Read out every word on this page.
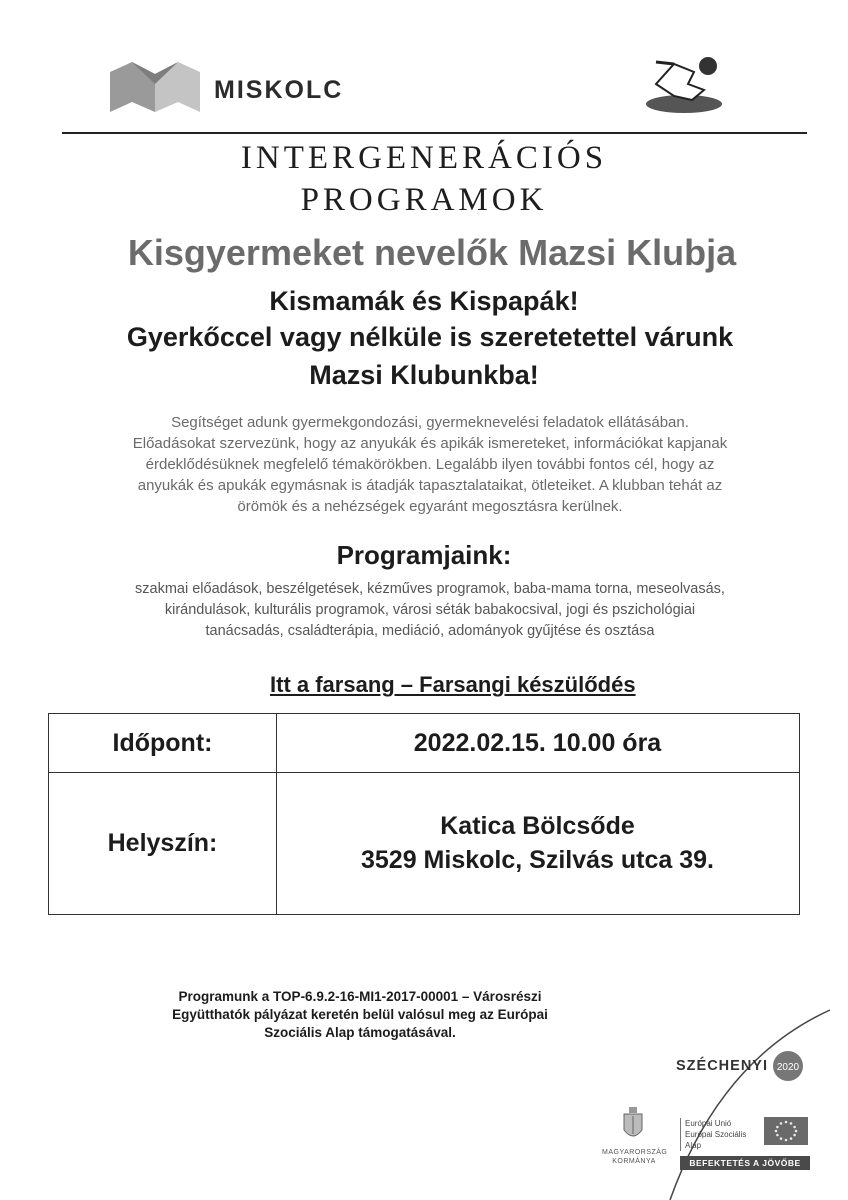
MISKOLC
INTERGENERÁCIÓS
PROGRAMOK
Kisgyermeket nevelők Mazsi Klubja
Kismamák és Kispapák!
Gyerkőccel vagy nélküle is szeretetettel várunk
Mazsi Klubunkba!
Segítséget adunk gyermekgondozási, gyermeknevelési feladatok ellátásában.
Előadásokat szervezünk, hogy az anyukák és apikák ismereteket, információkat kapjanak
érdeklődésüknek megfelelő témakörökben. Legalább ilyen további fontos cél, hogy az
anyukák és apukák egymásnak is átadják tapasztalataikat, ötleteiket. A klubban tehát az
örömök és a nehézségek egyaránt megosztásra kerülnek.
Programjaink:
szakmai előadások, beszélgetések, kézműves programok, baba-mama torna, meseolvasás,
kirándulások, kulturális programok, városi séták babakocsival, jogi és pszichológiai
tanácsadás, családterápia, mediáció, adományok gyűjtése és osztása
Itt a farsang – Farsangi készülődés
Időpont:	2022.02.15. 10.00 óra
Helyszín:
Katica Bölcsőde
3529 Miskolc, Szilvás utca 39.
Programunk a TOP-6.9.2-16-MI1-2017-00001 – Városrészi
Együtthatók pályázat keretén belül valósul meg az Európai
Szociális Alap támogatásával.
SZÉCHENYI 2020
MAGYARORSZÁG
KORMÁNYA
Európai Unió
Európai Szociális
Alap
BEFEKTETÉS A JÖVŐBE
